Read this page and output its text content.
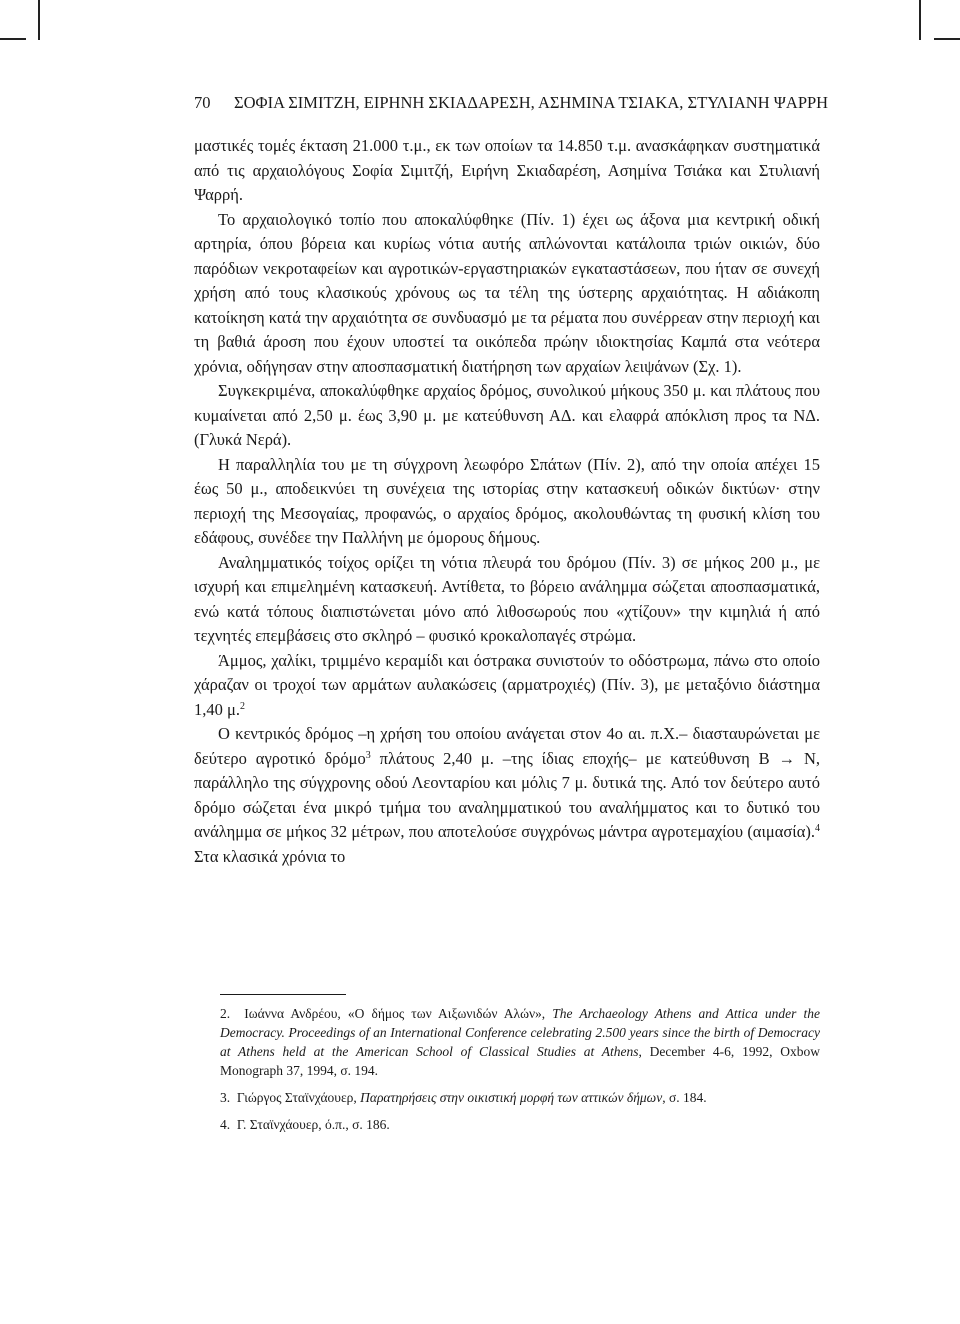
70 ΣΟΦΙΑ ΣΙΜΙΤΖΗ, ΕΙΡΗΝΗ ΣΚΙΑΔΑΡΕΣΗ, ΑΣΗΜΙΝΑ ΤΣΙΑΚΑ, ΣΤΥΛΙΑΝΗ ΨΑΡΡΗ

μαστικές τομές έκταση 21.000 τ.μ., εκ των οποίων τα 14.850 τ.μ. ανασκάφηκαν συστηματικά από τις αρχαιολόγους Σοφία Σιμιτζή, Ειρήνη Σκιαδαρέση, Ασημίνα Τσιάκα και Στυλιανή Ψαρρή.

Το αρχαιολογικό τοπίο που αποκαλύφθηκε (Πίν. 1) έχει ως άξονα μια κεντρική οδική αρτηρία, όπου βόρεια και κυρίως νότια αυτής απλώνονται κατάλοιπα τριών οικιών, δύο παρόδιων νεκροταφείων και αγροτικών-εργαστηριακών εγκαταστάσεων, που ήταν σε συνεχή χρήση από τους κλασικούς χρόνους ως τα τέλη της ύστερης αρχαιότητας. Η αδιάκοπη κατοίκηση κατά την αρχαιότητα σε συνδυασμό με τα ρέματα που συνέρρεαν στην περιοχή και τη βαθιά άροση που έχουν υποστεί τα οικόπεδα πρώην ιδιοκτησίας Καμπά στα νεότερα χρόνια, οδήγησαν στην αποσπασματική διατήρηση των αρχαίων λειψάνων (Σχ. 1).

Συγκεκριμένα, αποκαλύφθηκε αρχαίος δρόμος, συνολικού μήκους 350 μ. και πλάτους που κυμαίνεται από 2,50 μ. έως 3,90 μ. με κατεύθυνση ΑΔ. και ελαφρά απόκλιση προς τα ΝΔ. (Γλυκά Νερά).

Η παραλληλία του με τη σύγχρονη λεωφόρο Σπάτων (Πίν. 2), από την οποία απέχει 15 έως 50 μ., αποδεικνύει τη συνέχεια της ιστορίας στην κατασκευή οδικών δικτύων· στην περιοχή της Μεσογαίας, προφανώς, ο αρχαίος δρόμος, ακολουθώντας τη φυσική κλίση του εδάφους, συνέδεε την Παλλήνη με όμορους δήμους.

Αναλημματικός τοίχος ορίζει τη νότια πλευρά του δρόμου (Πίν. 3) σε μήκος 200 μ., με ισχυρή και επιμελημένη κατασκευή. Αντίθετα, το βόρειο ανάλημμα σώζεται αποσπασματικά, ενώ κατά τόπους διαπιστώνεται μόνο από λιθοσωρούς που «χτίζουν» την κιμηλιά ή από τεχνητές επεμβάσεις στο σκληρό – φυσικό κροκαλοπαγές στρώμα.

Άμμος, χαλίκι, τριμμένο κεραμίδι και όστρακα συνιστούν το οδόστρωμα, πάνω στο οποίο χάραζαν οι τροχοί των αρμάτων αυλακώσεις (αρματροχιές) (Πίν. 3), με μεταξόνιο διάστημα 1,40 μ.$^2$

Ο κεντρικός δρόμος –η χρήση του οποίου ανάγεται στον 4ο αι. π.Χ.– διασταυρώνεται με δεύτερο αγροτικό δρόμο$^3$ πλάτους 2,40 μ. –της ίδιας εποχής– με κατεύθυνση Β → Ν, παράλληλο της σύγχρονης οδού Λεονταρίου και μόλις 7 μ. δυτικά της. Από τον δεύτερο αυτό δρόμο σώζεται ένα μικρό τμήμα του αναλημματικού του αναλήμματος και το δυτικό του ανάλημμα σε μήκος 32 μέτρων, που αποτελούσε συγχρόνως μάντρα αγροτεμαχίου (αιμασία).$^4$ Στα κλασικά χρόνια το

2. Ιωάννα Ανδρέου, «Ο δήμος των Αιξωνιδών Αλών», The Archaeology Athens and Attica under the Democracy. Proceedings of an International Conference celebrating 2.500 years since the birth of Democracy at Athens held at the American School of Classical Studies at Athens, December 4-6, 1992, Oxbow Monograph 37, 1994, σ. 194.

3. Γιώργος Σταϊνχάουερ, Παρατηρήσεις στην οικιστική μορφή των αττικών δήμων, σ. 184.

4. Γ. Σταϊνχάουερ, ό.π., σ. 186.
